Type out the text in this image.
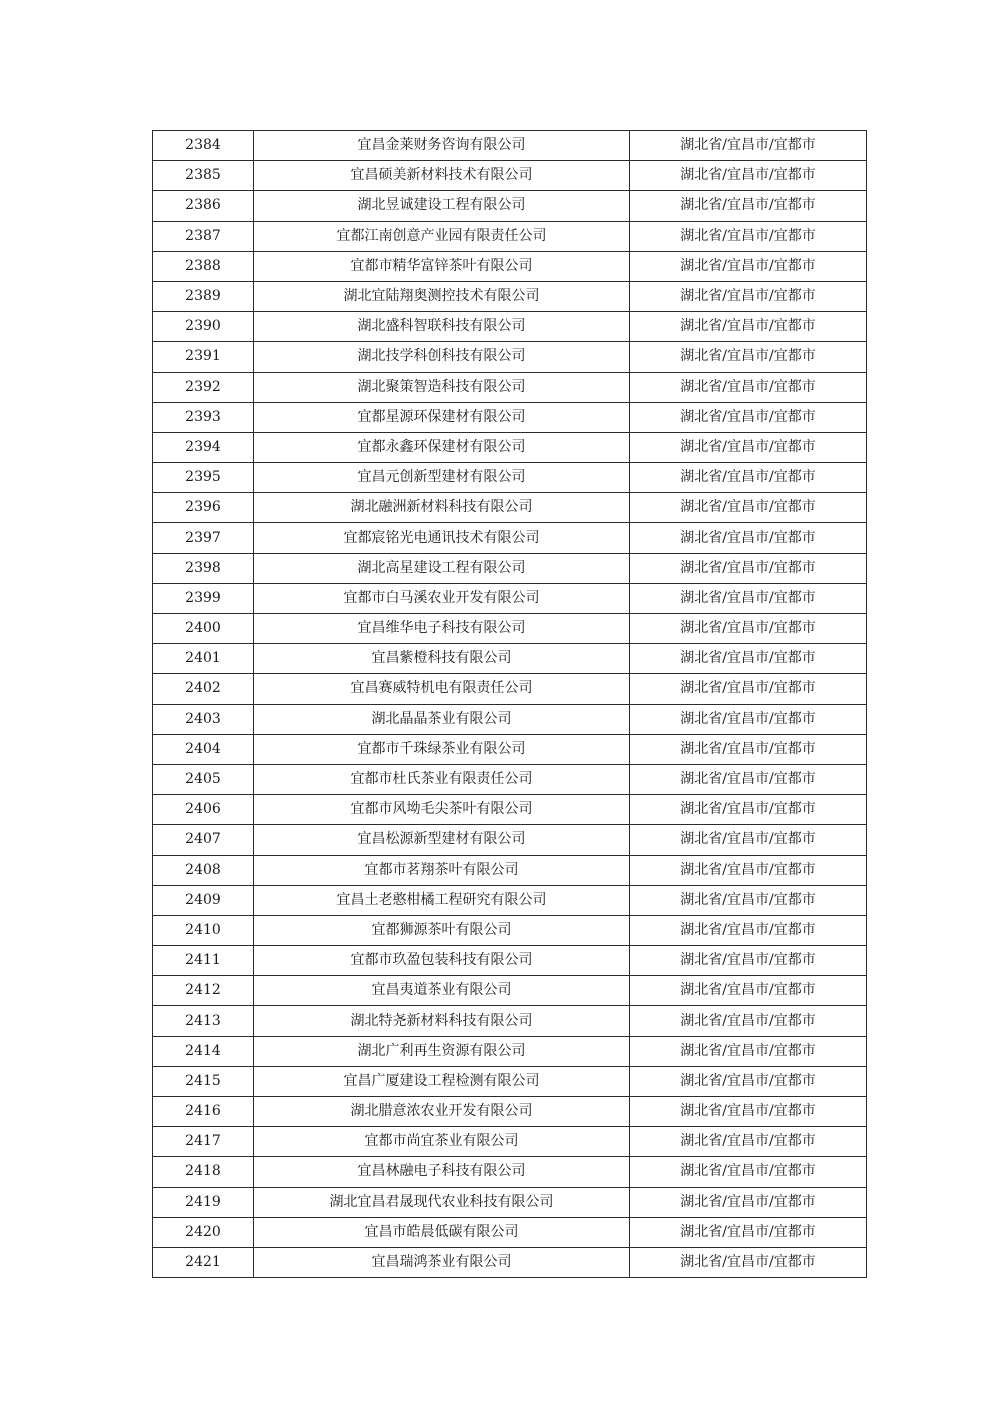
2384	宜昌金莱财务咨询有限公司	湖北省/宜昌市/宜都市
2385	宜昌硕美新材料技术有限公司	湖北省/宜昌市/宜都市
2386	湖北昱诚建设工程有限公司	湖北省/宜昌市/宜都市
2387	宜都江南创意产业园有限责任公司	湖北省/宜昌市/宜都市
2388	宜都市精华富锌茶叶有限公司	湖北省/宜昌市/宜都市
2389	湖北宜陆翔奥测控技术有限公司	湖北省/宜昌市/宜都市
2390	湖北盛科智联科技有限公司	湖北省/宜昌市/宜都市
2391	湖北技学科创科技有限公司	湖北省/宜昌市/宜都市
2392	湖北聚策智造科技有限公司	湖北省/宜昌市/宜都市
2393	宜都星源环保建材有限公司	湖北省/宜昌市/宜都市
2394	宜都永鑫环保建材有限公司	湖北省/宜昌市/宜都市
2395	宜昌元创新型建材有限公司	湖北省/宜昌市/宜都市
2396	湖北融洲新材料科技有限公司	湖北省/宜昌市/宜都市
2397	宜都宸铭光电通讯技术有限公司	湖北省/宜昌市/宜都市
2398	湖北高星建设工程有限公司	湖北省/宜昌市/宜都市
2399	宜都市白马溪农业开发有限公司	湖北省/宜昌市/宜都市
2400	宜昌维华电子科技有限公司	湖北省/宜昌市/宜都市
2401	宜昌紫橙科技有限公司	湖北省/宜昌市/宜都市
2402	宜昌赛威特机电有限责任公司	湖北省/宜昌市/宜都市
2403	湖北晶晶茶业有限公司	湖北省/宜昌市/宜都市
2404	宜都市千珠绿茶业有限公司	湖北省/宜昌市/宜都市
2405	宜都市杜氏茶业有限责任公司	湖北省/宜昌市/宜都市
2406	宜都市风坳毛尖茶叶有限公司	湖北省/宜昌市/宜都市
2407	宜昌松源新型建材有限公司	湖北省/宜昌市/宜都市
2408	宜都市茗翔茶叶有限公司	湖北省/宜昌市/宜都市
2409	宜昌土老憨柑橘工程研究有限公司	湖北省/宜昌市/宜都市
2410	宜都狮源茶叶有限公司	湖北省/宜昌市/宜都市
2411	宜都市玖盈包装科技有限公司	湖北省/宜昌市/宜都市
2412	宜昌夷道茶业有限公司	湖北省/宜昌市/宜都市
2413	湖北特尧新材料科技有限公司	湖北省/宜昌市/宜都市
2414	湖北广利再生资源有限公司	湖北省/宜昌市/宜都市
2415	宜昌广厦建设工程检测有限公司	湖北省/宜昌市/宜都市
2416	湖北腊意浓农业开发有限公司	湖北省/宜昌市/宜都市
2417	宜都市尚宜茶业有限公司	湖北省/宜昌市/宜都市
2418	宜昌林融电子科技有限公司	湖北省/宜昌市/宜都市
2419	湖北宜昌君晟现代农业科技有限公司	湖北省/宜昌市/宜都市
2420	宜昌市皓晨低碳有限公司	湖北省/宜昌市/宜都市
2421	宜昌瑞鸿茶业有限公司	湖北省/宜昌市/宜都市
